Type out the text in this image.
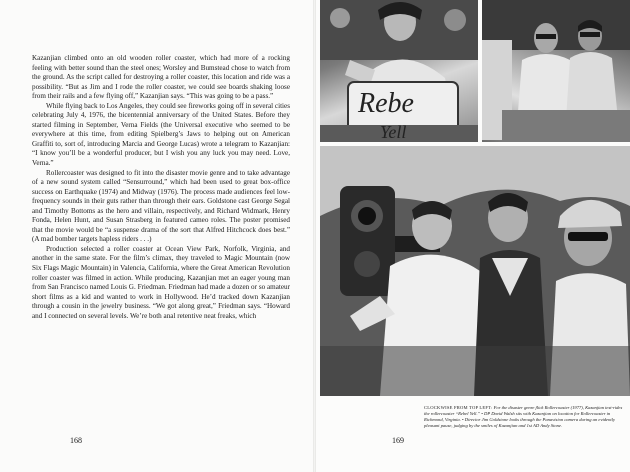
Kazanjian climbed onto an old wooden roller coaster, which had more of a rocking feeling with better sound than the steel ones; Worsley and Bumstead chose to watch from the ground. As the script called for destroying a roller coaster, this location and ride was a possibility. “But as Jim and I rode the roller coaster, we could see boards shaking loose from their rails and a few flying off,” Kazanjian says. “This was going to be a pass.”

While flying back to Los Angeles, they could see fireworks going off in several cities celebrating July 4, 1976, the bicentennial anniversary of the United States. Before they started filming in September, Verna Fields (the Universal executive who seemed to be everywhere at this time, from editing Spielberg’s Jaws to helping out on American Graffiti to, sort of, introducing Marcia and George Lucas) wrote a telegram to Kazanjian: “I know you’ll be a wonderful producer, but I wish you any luck you may need. Love, Verna.”

Rollercoaster was designed to fit into the disaster movie genre and to take advantage of a new sound system called “Sensurround,” which had been used to great box-office success on Earthquake (1974) and Midway (1976). The process made audiences feel low-frequency sounds in their guts rather than through their ears. Goldstone cast George Segal and Timothy Bottoms as the hero and villain, respectively, and Richard Widmark, Henry Fonda, Helen Hunt, and Susan Strasberg in featured cameo roles. The poster promised that the movie would be “a suspense drama of the sort that Alfred Hitchcock does best.” (A mad bomber targets hapless riders . . .)

Production selected a roller coaster at Ocean View Park, Norfolk, Virginia, and another in the same state. For the film’s climax, they traveled to Magic Mountain (now Six Flags Magic Mountain) in Valencia, California, where the Great American Revolution roller coaster was filmed in action. While producing, Kazanjian met an eager young man from San Francisco named Louis G. Friedman. Friedman had made a dozen or so amateur short films as a kid and wanted to work in Hollywood. He’d tracked down Kazanjian through a cousin in the jewelry business. “We got along great,” Friedman says. “Howard and I connected on several levels. We’re both anal retentive neat freaks, which

168
Rebe
Yell
CLOCKWISE FROM TOP LEFT: For the disaster genre flick Rollercoaster (1977), Kazanjian test-rides the rollercoaster “Rebel Yell.” • DP David Walsh sits with Kazanjian on location for Rollercoaster in Richmond, Virginia. • Director Jim Goldstone looks through the Panavision camera during an evidently pleasant pause, judging by the smiles of Kazanjian and 1st AD Andy Stone.
169
